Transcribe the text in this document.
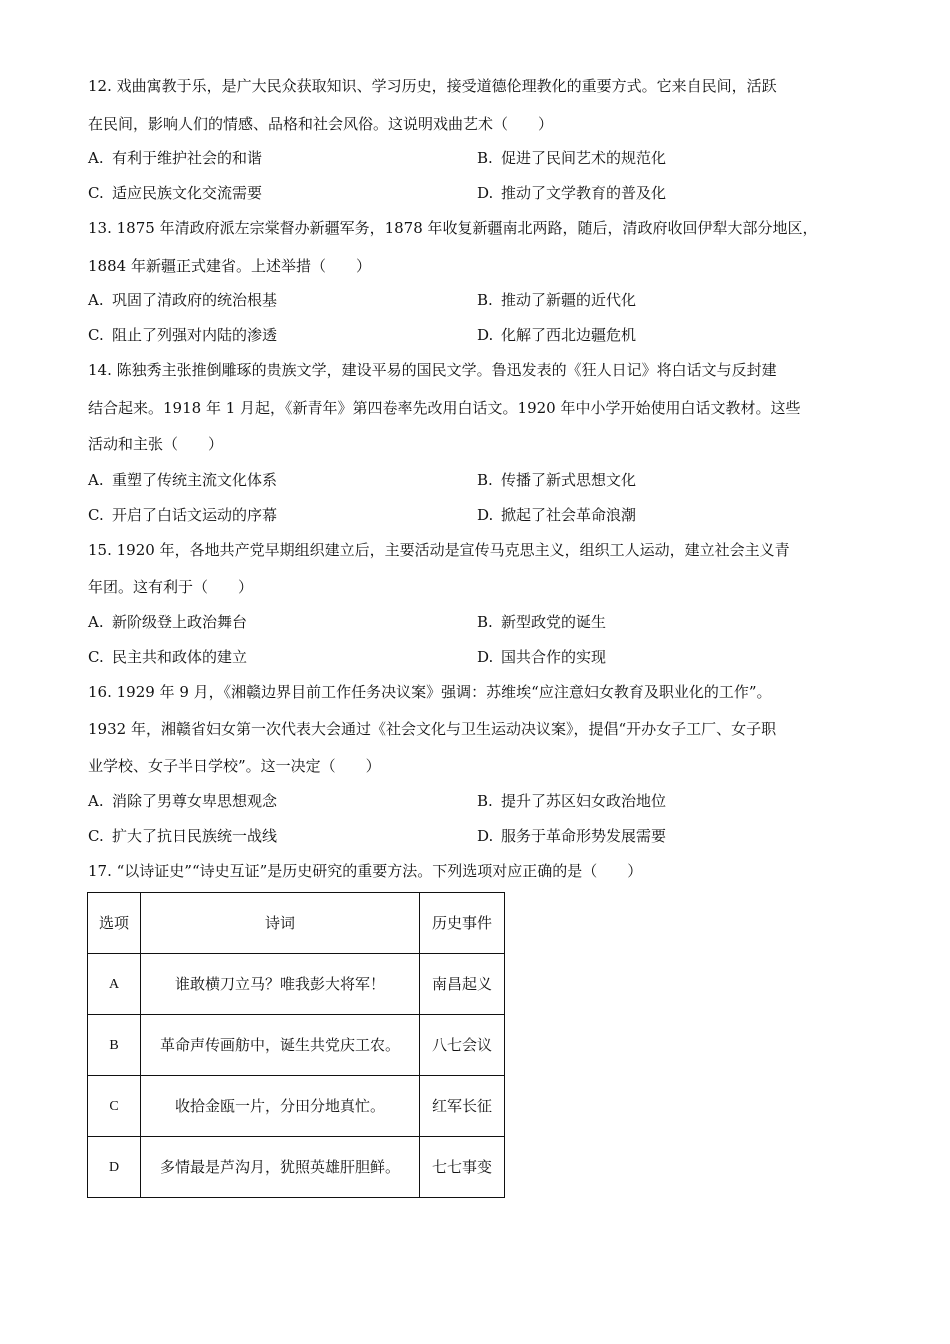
12. 戏曲寓教于乐，是广大民众获取知识、学习历史，接受道德伦理教化的重要方式。它来自民间，活跃
在民间，影响人们的情感、品格和社会风俗。这说明戏曲艺术（　　）
A. 有利于维护社会的和谐	B. 促进了民间艺术的规范化
C. 适应民族文化交流需要	D. 推动了文学教育的普及化
13. 1875 年清政府派左宗棠督办新疆军务，1878 年收复新疆南北两路，随后，清政府收回伊犁大部分地区，
1884 年新疆正式建省。上述举措（　　）
A. 巩固了清政府的统治根基	B. 推动了新疆的近代化
C. 阻止了列强对内陆的渗透	D. 化解了西北边疆危机
14. 陈独秀主张推倒雕琢的贵族文学，建设平易的国民文学。鲁迅发表的《狂人日记》将白话文与反封建
结合起来。1918 年 1 月起，《新青年》第四卷率先改用白话文。1920 年中小学开始使用白话文教材。这些
活动和主张（　　）
A. 重塑了传统主流文化体系	B. 传播了新式思想文化
C. 开启了白话文运动的序幕	D. 掀起了社会革命浪潮
15. 1920 年，各地共产党早期组织建立后，主要活动是宣传马克思主义，组织工人运动，建立社会主义青
年团。这有利于（　　）
A. 新阶级登上政治舞台	B. 新型政党的诞生
C. 民主共和政体的建立	D. 国共合作的实现
16. 1929 年 9 月，《湘赣边界目前工作任务决议案》强调：苏维埃“应注意妇女教育及职业化的工作”。
1932 年，湘赣省妇女第一次代表大会通过《社会文化与卫生运动决议案》，提倡“开办女子工厂、女子职
业学校、女子半日学校”。这一决定（　　）
A. 消除了男尊女卑思想观念	B. 提升了苏区妇女政治地位
C. 扩大了抗日民族统一战线	D. 服务于革命形势发展需要
17. “以诗证史”“诗史互证”是历史研究的重要方法。下列选项对应正确的是（　　）
选项	诗词	历史事件
A	谁敢横刀立马？唯我彭大将军！	南昌起义
B	革命声传画舫中，诞生共党庆工农。	八七会议
C	收拾金瓯一片，分田分地真忙。	红军长征
D	多情最是芦沟月，犹照英雄肝胆鲜。	七七事变
